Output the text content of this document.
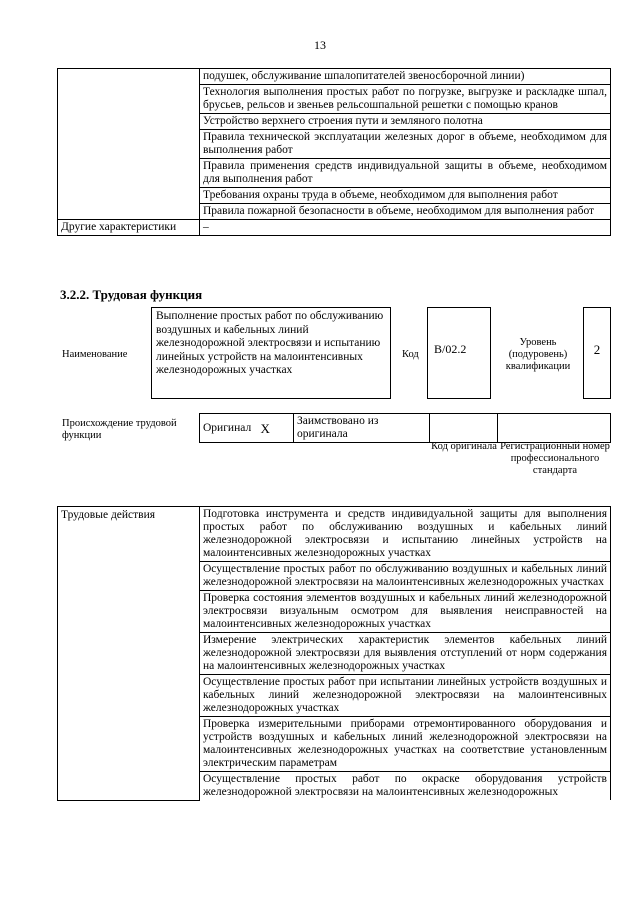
13
	подушек, обслуживание шпалопитателей звеносборочной линии)
	Технология выполнения простых работ по погрузке, выгрузке и раскладке шпал, брусьев, рельсов и звеньев рельсошпальной решетки с помощью кранов
	Устройство верхнего строения пути и земляного полотна
	Правила технической эксплуатации железных дорог в объеме, необходимом для выполнения работ
	Правила применения средств индивидуальной защиты в объеме, необходимом для выполнения работ
	Требования охраны труда в объеме, необходимом для выполнения работ
	Правила пожарной безопасности в объеме, необходимом для выполнения работ
Другие характеристики	–
3.2.2. Трудовая функция
Наименование
Выполнение простых работ по обслуживанию воздушных и кабельных линий железнодорожной электросвязи и испытанию линейных устройств на малоинтенсивных железнодорожных участках
Код	B/02.2	Уровень (подуровень) квалификации
2
Происхождение трудовой функции
Оригинал	X	Заимствовано из оригинала		
Код оригинала Регистрационный номер профессионального стандарта
Трудовые действия	Подготовка инструмента и средств индивидуальной защиты для выполнения простых работ по обслуживанию воздушных и кабельных линий железнодорожной электросвязи и испытанию линейных устройств на малоинтенсивных железнодорожных участках
Осуществление простых работ по обслуживанию воздушных и кабельных линий железнодорожной электросвязи на малоинтенсивных железнодорожных участках
Проверка состояния элементов воздушных и кабельных линий железнодорожной электросвязи визуальным осмотром для выявления неисправностей на малоинтенсивных железнодорожных участках
Измерение электрических характеристик элементов кабельных линий железнодорожной электросвязи для выявления отступлений от норм содержания на малоинтенсивных железнодорожных участках
Осуществление простых работ при испытании линейных устройств воздушных и кабельных линий железнодорожной электросвязи на малоинтенсивных железнодорожных участках
Проверка измерительными приборами отремонтированного оборудования и устройств воздушных и кабельных линий железнодорожной электросвязи на малоинтенсивных железнодорожных участках на соответствие установленным электрическим параметрам
Осуществление простых работ по окраске оборудования устройств железнодорожной электросвязи на малоинтенсивных железнодорожных
